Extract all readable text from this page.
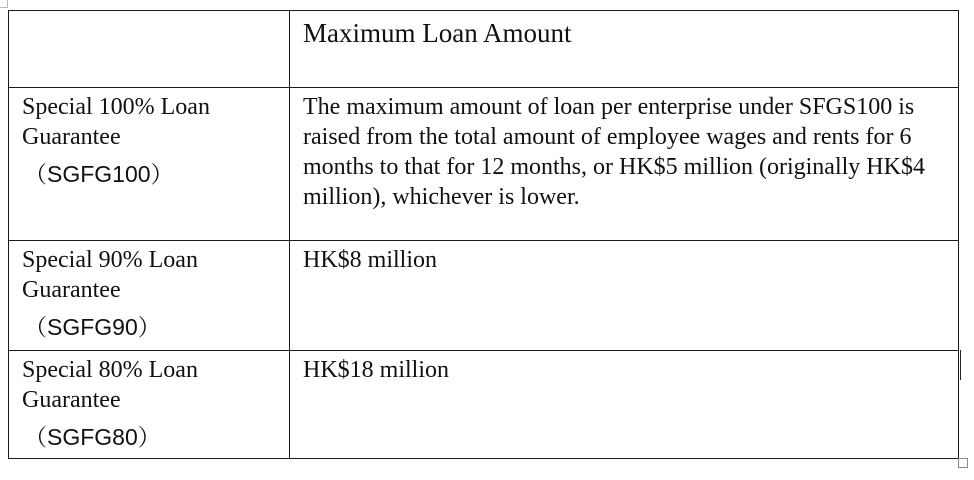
	Maximum Loan Amount

Special 100% Loan Guarantee
（SGFG100）	The maximum amount of loan per enterprise under SFGS100 is raised from the total amount of employee wages and rents for 6 months to that for 12 months, or HK$5 million (originally HK$4 million), whichever is lower.

Special 90% Loan Guarantee
（SGFG90）	HK$8 million

Special 80% Loan Guarantee
（SGFG80）	HK$18 million
